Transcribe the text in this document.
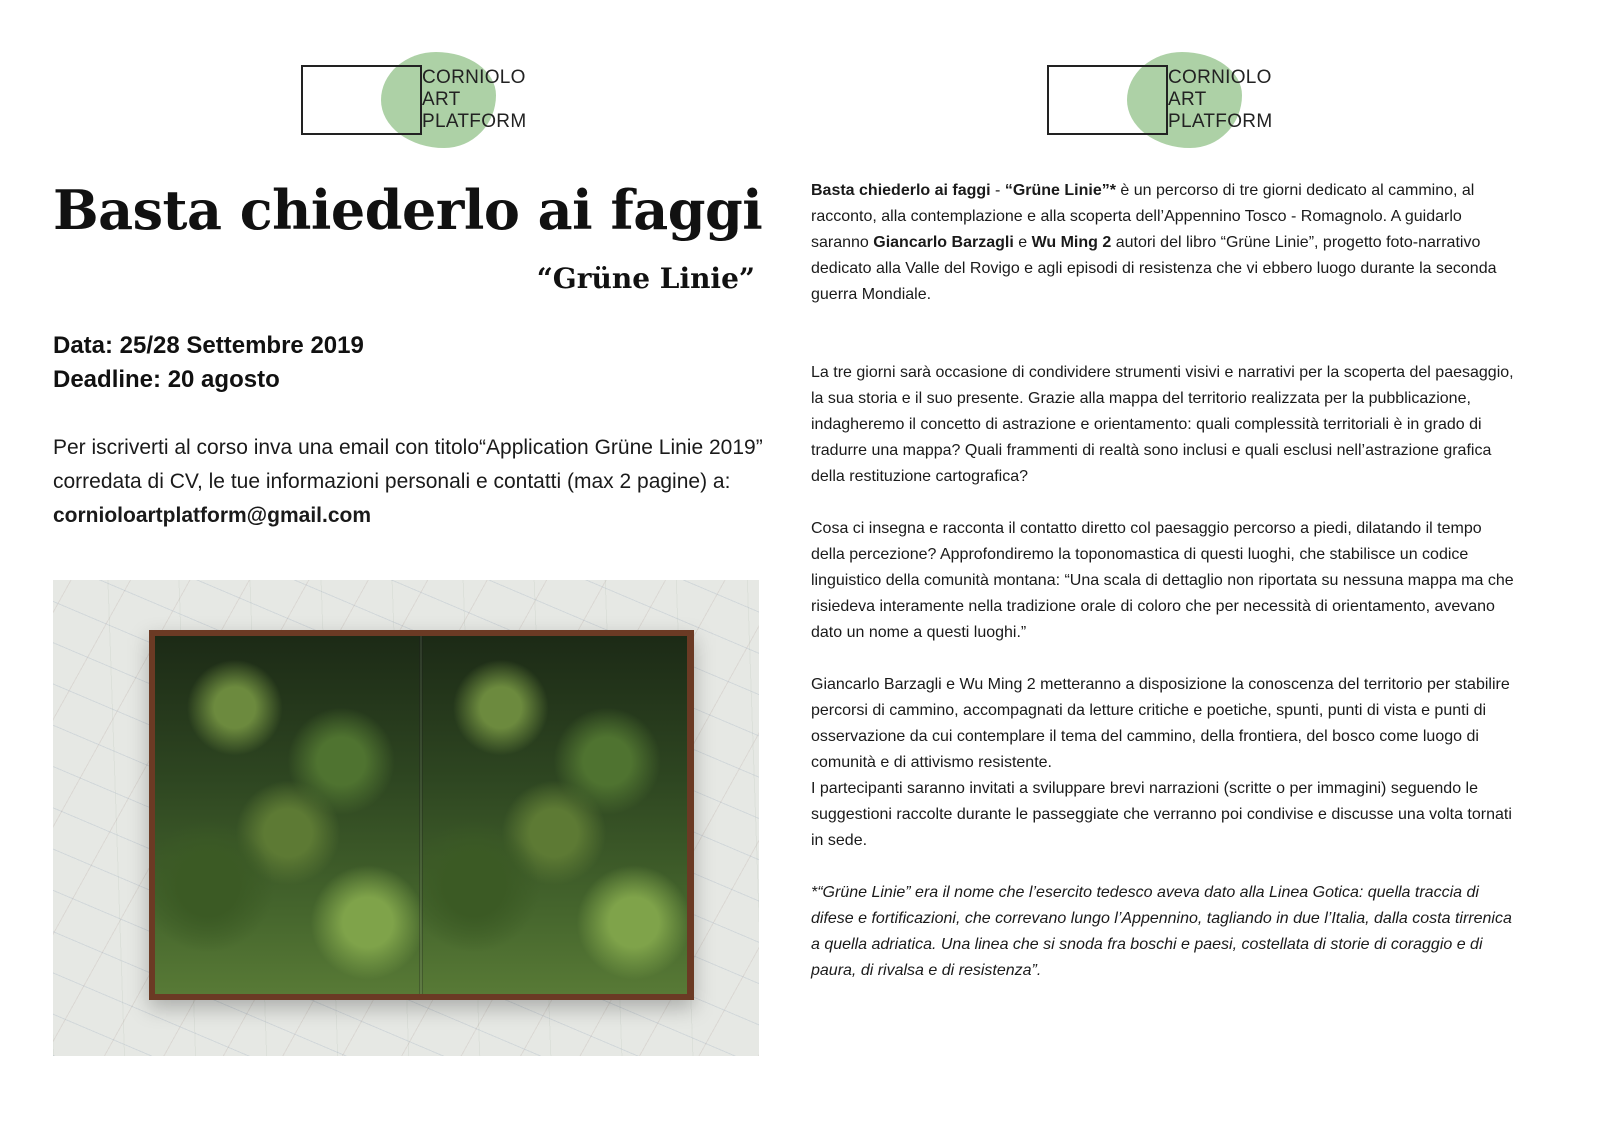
CORNIOLO
ART
PLATFORM
CORNIOLO
ART
PLATFORM
Basta chiederlo ai faggi
“Grüne Linie”
Data: 25/28 Settembre 2019
Deadline: 20 agosto

Per iscriverti al corso inva una email con titolo“Application Grüne Linie 2019” corredata di CV, le tue informazioni personali e contatti (max 2 pagine) a: cornioloartplatform@gmail.com

Basta chiederlo ai faggi - “Grüne Linie”* è un percorso di tre giorni dedicato al cammino, al racconto, alla contemplazione e alla scoperta dell’Appennino Tosco - Romagnolo. A guidarlo saranno Giancarlo Barzagli e Wu Ming 2 autori del libro “Grüne Linie”, progetto foto-narrativo dedicato alla Valle del Rovigo e agli episodi di resistenza che vi ebbero luogo durante la seconda guerra Mondiale.

La tre giorni sarà occasione di condividere strumenti visivi e narrativi per la scoperta del paesaggio, la sua storia e il suo presente. Grazie alla mappa del territorio realizzata per la pubblicazione, indagheremo il concetto di astrazione e orientamento: quali complessità territoriali è in grado di tradurre una mappa? Quali frammenti di realtà sono inclusi e quali esclusi nell’astrazione grafica della restituzione cartografica?

Cosa ci insegna e racconta il contatto diretto col paesaggio percorso a piedi, dilatando il tempo della percezione? Approfondiremo la toponomastica di questi luoghi, che stabilisce un codice linguistico della comunità montana: “Una scala di dettaglio non riportata su nessuna mappa ma che risiedeva interamente nella tradizione orale di coloro che per necessità di orientamento, avevano dato un nome a questi luoghi.”

Giancarlo Barzagli e Wu Ming 2 metteranno a disposizione la conoscenza del territorio per stabilire percorsi di cammino, accompagnati da letture critiche e poetiche, spunti, punti di vista e punti di osservazione da cui contemplare il tema del cammino, della frontiera, del bosco come luogo di comunità e di attivismo resistente.

I partecipanti saranno invitati a sviluppare brevi narrazioni (scritte o per immagini) seguendo le suggestioni raccolte durante le passeggiate che verranno poi condivise e discusse una volta tornati in sede.

*“Grüne Linie” era il nome che l’esercito tedesco aveva dato alla Linea Gotica: quella traccia di difese e fortificazioni, che correvano lungo l’Appennino, tagliando in due l’Italia, dalla costa tirrenica a quella adriatica. Una linea che si snoda fra boschi e paesi, costellata di storie di coraggio e di paura, di rivalsa e di resistenza”.
